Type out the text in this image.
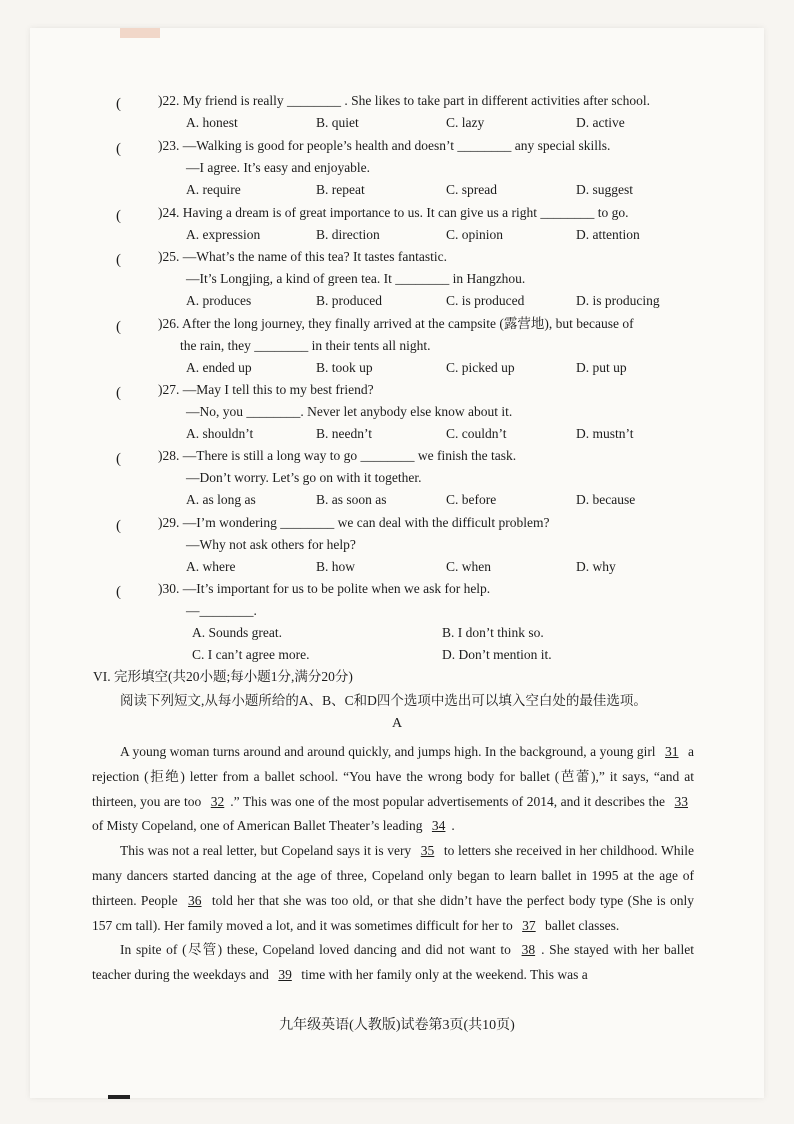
(	)22. My friend is really ________ . She likes to take part in different activities after school.
A. honest	B. quiet	C. lazy	D. active
(	)23. —Walking is good for people’s health and doesn’t ________ any special skills.
—I agree. It’s easy and enjoyable.
A. require	B. repeat	C. spread	D. suggest
(	)24. Having a dream is of great importance to us. It can give us a right ________ to go.
A. expression	B. direction	C. opinion	D. attention
(	)25. —What’s the name of this tea? It tastes fantastic.
—It’s Longjing, a kind of green tea. It ________ in Hangzhou.
A. produces	B. produced	C. is produced	D. is producing
(	)26. After the long journey, they finally arrived at the campsite (露营地), but because of
the rain, they ________ in their tents all night.
A. ended up	B. took up	C. picked up	D. put up
(	)27. —May I tell this to my best friend?
—No, you ________. Never let anybody else know about it.
A. shouldn’t	B. needn’t	C. couldn’t	D. mustn’t
(	)28. —There is still a long way to go ________ we finish the task.
—Don’t worry. Let’s go on with it together.
A. as long as	B. as soon as	C. before	D. because
(	)29. —I’m wondering ________ we can deal with the difficult problem?
—Why not ask others for help?
A. where	B. how	C. when	D. why
(	)30. —It’s important for us to be polite when we ask for help.
—________.
A. Sounds great.	B. I don’t think so.
C. I can’t agree more.	D. Don’t mention it.
VI. 完形填空(共20小题;每小题1分,满分20分)
阅读下列短文,从每小题所给的A、B、C和D四个选项中选出可以填入空白处的最佳选项。
A

A young woman turns around and around quickly, and jumps high. In the background, a young girl 31 a rejection (拒绝) letter from a ballet school. “You have the wrong body for ballet (芭蕾),” it says, “and at thirteen, you are too 32 .” This was one of the most popular advertisements of 2014, and it describes the 33 of Misty Copeland, one of American Ballet Theater’s leading 34 .

This was not a real letter, but Copeland says it is very 35 to letters she received in her childhood. While many dancers started dancing at the age of three, Copeland only began to learn ballet in 1995 at the age of thirteen. People 36 told her that she was too old, or that she didn’t have the perfect body type (She is only 157 cm tall). Her family moved a lot, and it was sometimes difficult for her to 37 ballet classes.

In spite of (尽管) these, Copeland loved dancing and did not want to 38 . She stayed with her ballet teacher during the weekdays and 39 time with her family only at the weekend. This was a

九年级英语(人教版)试卷第3页(共10页)
